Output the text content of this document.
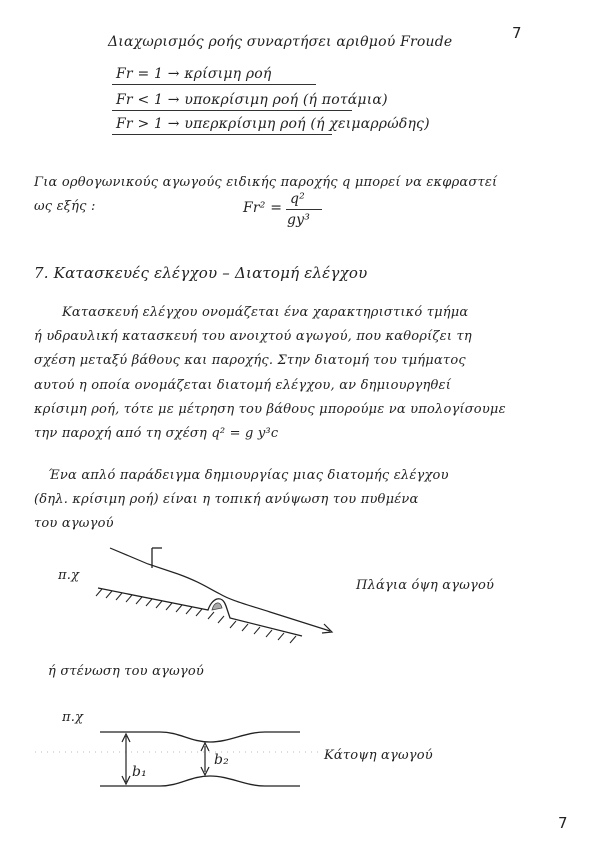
7
Διαχωρισμός ροής συναρτήσει αριθμού Froude
Fr = 1 → κρίσιμη ροή
Fr < 1 → υποκρίσιμη ροή (ή ποτάμια)
Fr > 1 → υπερκρίσιμη ροή (ή χειμαρρώδης)
Για ορθογωνικούς αγωγούς ειδικής παροχής q μπορεί να εκφραστεί
ως εξής :	Fr² =
q²
gy³
7. Κατασκευές ελέγχου – Διατομή ελέγχου
Κατασκευή ελέγχου ονομάζεται ένα χαρακτηριστικό τμήμα
ή υδραυλική κατασκευή του ανοιχτού αγωγού, που καθορίζει τη
σχέση μεταξύ βάθους και παροχής. Στην διατομή του τμήματος
αυτού η οποία ονομάζεται διατομή ελέγχου, αν δημιουργηθεί
κρίσιμη ροή, τότε με μέτρηση του βάθους μπορούμε να υπολογίσουμε
την παροχή από τη σχέση q² = g y³c
Ένα απλό παράδειγμα δημιουργίας μιας διατομής ελέγχου
(δηλ. κρίσιμη ροή) είναι η τοπική ανύψωση του πυθμένα
του αγωγού
π.χ
Πλάγια όψη αγωγού
ή στένωση του αγωγού
π.χ
b₁
b₂	Κάτοψη αγωγού
7
